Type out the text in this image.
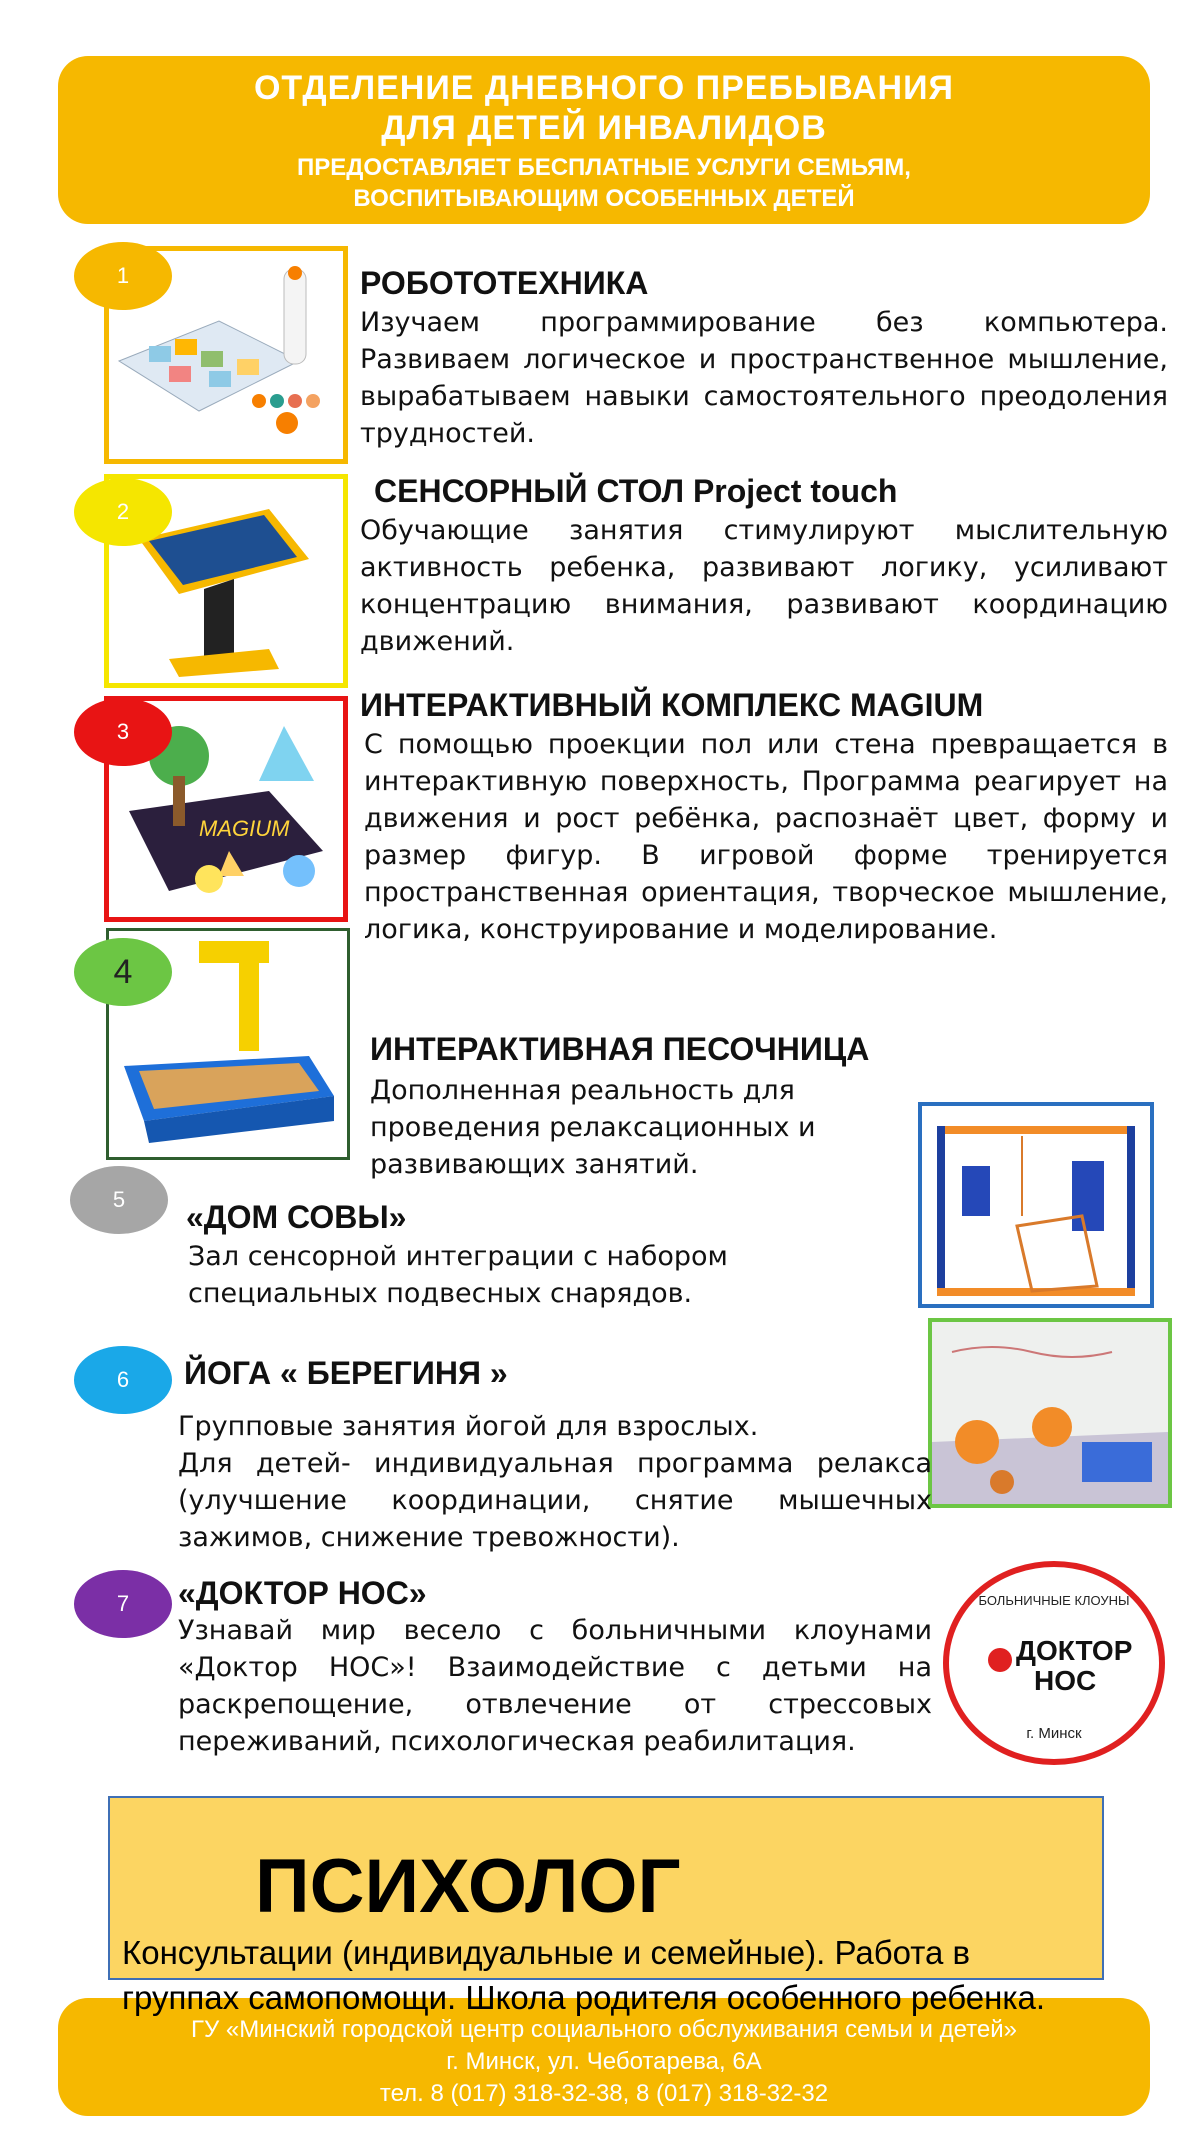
ОТДЕЛЕНИЕ ДНЕВНОГО ПРЕБЫВАНИЯ
ДЛЯ ДЕТЕЙ ИНВАЛИДОВ
ПРЕДОСТАВЛЯЕТ БЕСПЛАТНЫЕ УСЛУГИ СЕМЬЯМ,
ВОСПИТЫВАЮЩИМ ОСОБЕННЫХ ДЕТЕЙ
1	РОБОТОТЕХНИКА
Изучаем программирование без компьютера. Развиваем логическое и пространственное мышление, вырабатываем навыки самостоятельного преодоления трудностей.
2
СЕНСОРНЫЙ СТОЛ Project touch
Обучающие занятия стимулируют мыслительную активность ребенка, развивают логику, усиливают концентрацию внимания, развивают координацию движений.
MAGIUM
3
ИНТЕРАКТИВНЫЙ КОМПЛЕКС MAGIUM
С помощью проекции пол или стена превращается в интерактивную поверхность, Программа реагирует на движения и рост ребёнка, распознаёт цвет, форму и размер фигур. В игровой форме тренируется пространственная ориентация, творческое мышление, логика, конструирование и моделирование.
4
ИНТЕРАКТИВНАЯ ПЕСОЧНИЦА
Дополненная реальность для проведения релаксационных и развивающих занятий.
5 «ДОМ СОВЫ»
Зал сенсорной интеграции с набором специальных подвесных снарядов.
6 ЙОГА « БЕРЕГИНЯ »
Групповые занятия йогой для взрослых.
Для детей- индивидуальная программа релакса (улучшение координации, снятие мышечных зажимов, снижение тревожности).
7 «ДОКТОР НОС»
Узнавай мир весело с больничными клоунами «Доктор НОС»! Взаимодействие с детьми на раскрепощение, отвлечение от стрессовых переживаний, психологическая реабилитация.
БОЛЬНИЧНЫЕ КЛОУНЫ
ДОКТОР
НОС
г. Минск
ПСИХОЛОГ
ГУ «Минский городской центр социального обслуживания семьи и детей»
г. Минск, ул. Чеботарева, 6А
тел. 8 (017) 318-32-38, 8 (017) 318-32-32
Консультации (индивидуальные и семейные). Работа в группах самопомощи. Школа родителя особенного ребенка.
